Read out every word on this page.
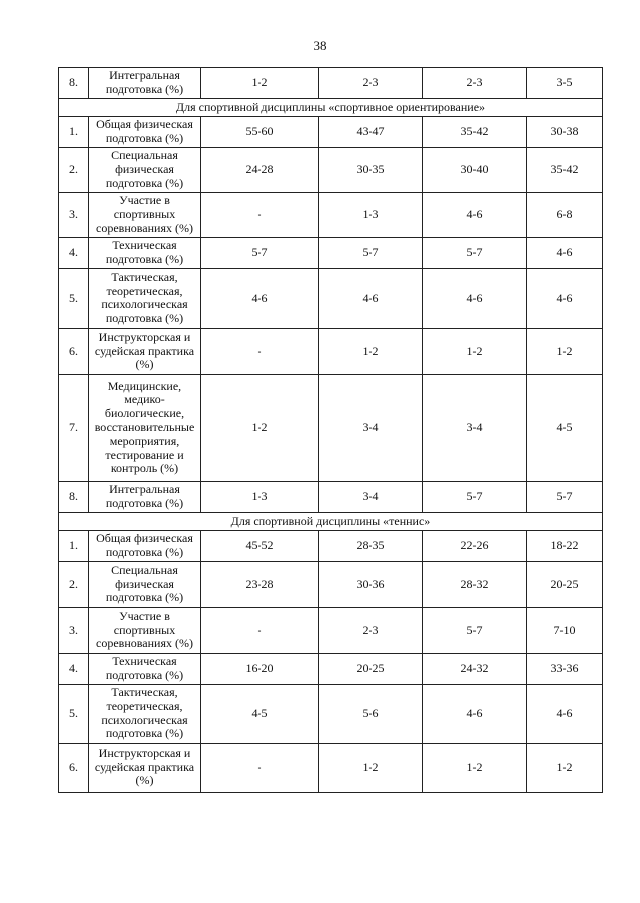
38
8.	Интегральная подготовка (%)	1-2	2-3	2-3	3-5
Для спортивной дисциплины «спортивное ориентирование»					
1.	Общая физическая подготовка (%)	55-60	43-47	35-42	30-38
2.	Специальная физическая подготовка (%)	24-28	30-35	30-40	35-42
3.	Участие в спортивных соревнованиях (%)	-	1-3	4-6	6-8
4.	Техническая подготовка (%)	5-7	5-7	5-7	4-6
5.	Тактическая, теоретическая, психологическая подготовка (%)	4-6	4-6	4-6	4-6
6.	Инструкторская и судейская практика (%)	-	1-2	1-2	1-2
7.	Медицинские, медико-биологические, восстановительные мероприятия, тестирование и контроль (%)	1-2	3-4	3-4	4-5
8.	Интегральная подготовка (%)	1-3	3-4	5-7	5-7
Для спортивной дисциплины «теннис»					
1.	Общая физическая подготовка (%)	45-52	28-35	22-26	18-22
2.	Специальная физическая подготовка (%)	23-28	30-36	28-32	20-25
3.	Участие в спортивных соревнованиях (%)	-	2-3	5-7	7-10
4.	Техническая подготовка (%)	16-20	20-25	24-32	33-36
5.	Тактическая, теоретическая, психологическая подготовка (%)	4-5	5-6	4-6	4-6
6.	Инструкторская и судейская практика (%)	-	1-2	1-2	1-2
